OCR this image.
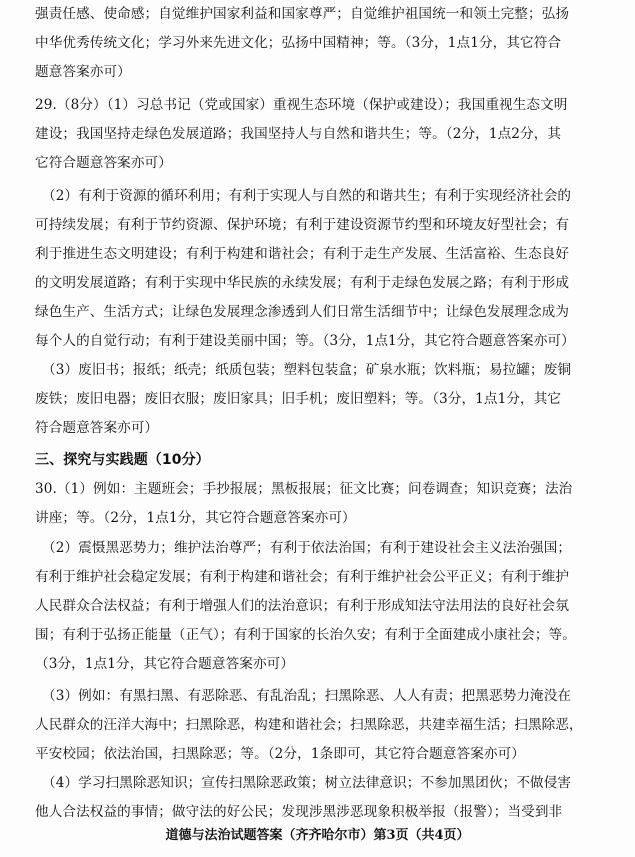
强责任感、使命感；自觉维护国家利益和国家尊严；自觉维护祖国统一和领土完整；弘扬
中华优秀传统文化；学习外来先进文化；弘扬中国精神；等。（3分，1点1分，其它符合
题意答案亦可）
29.（8分）（1）习总书记（党或国家）重视生态环境（保护或建设）；我国重视生态文明
建设；我国坚持走绿色发展道路；我国坚持人与自然和谐共生；等。（2分，1点2分，其
它符合题意答案亦可）
（2）有利于资源的循环利用；有利于实现人与自然的和谐共生；有利于实现经济社会的
可持续发展；有利于节约资源、保护环境；有利于建设资源节约型和环境友好型社会；有
利于推进生态文明建设；有利于构建和谐社会；有利于走生产发展、生活富裕、生态良好
的文明发展道路；有利于实现中华民族的永续发展；有利于走绿色发展之路；有利于形成
绿色生产、生活方式；让绿色发展理念渗透到人们日常生活细节中；让绿色发展理念成为
每个人的自觉行动；有利于建设美丽中国；等。（3分，1点1分，其它符合题意答案亦可）
（3）废旧书；报纸；纸壳；纸质包装；塑料包装盒；矿泉水瓶；饮料瓶；易拉罐；废铜
废铁；废旧电器；废旧衣服；废旧家具；旧手机；废旧塑料；等。（3分，1点1分，其它
符合题意答案亦可）
三、探究与实践题（10分）
30.（1）例如：主题班会；手抄报展；黑板报展；征文比赛；问卷调查；知识竞赛；法治
讲座；等。（2分，1点1分，其它符合题意答案亦可）
（2）震慑黑恶势力；维护法治尊严；有利于依法治国；有利于建设社会主义法治强国；
有利于维护社会稳定发展；有利于构建和谐社会；有利于维护社会公平正义；有利于维护
人民群众合法权益；有利于增强人们的法治意识；有利于形成知法守法用法的良好社会氛
围；有利于弘扬正能量（正气）；有利于国家的长治久安；有利于全面建成小康社会；等。
（3分，1点1分，其它符合题意答案亦可）
（3）例如：有黑扫黑、有恶除恶、有乱治乱；扫黑除恶、人人有责；把黑恶势力淹没在
人民群众的汪洋大海中；扫黑除恶，构建和谐社会；扫黑除恶，共建幸福生活；扫黑除恶，
平安校园；依法治国，扫黑除恶；等。（2分，1条即可，其它符合题意答案亦可）
（4）学习扫黑除恶知识；宣传扫黑除恶政策；树立法律意识；不参加黑团伙；不做侵害
他人合法权益的事情；做守法的好公民；发现涉黑涉恶现象积极举报（报警）；当受到非
道德与法治试题答案（齐齐哈尔市）第3页（共4页）
